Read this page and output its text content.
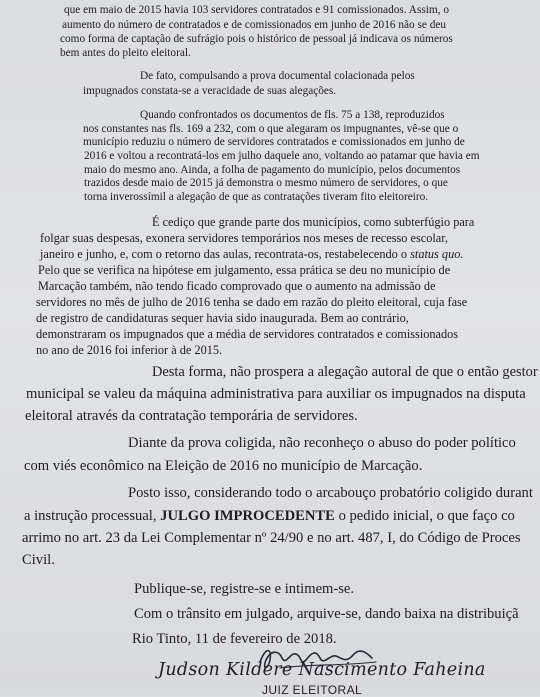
que em maio de 2015 havia 103 servidores contratados e 91 comissionados. Assim, o
aumento do número de contratados e de comissionados em junho de 2016 não se deu
como forma de captação de sufrágio pois o histórico de pessoal já indicava os números
bem antes do pleito eleitoral.
De fato, compulsando a prova documental colacionada pelos
impugnados constata-se a veracidade de suas alegações.
Quando confrontados os documentos de fls. 75 a 138, reproduzidos
nos constantes nas fls. 169 a 232, com o que alegaram os impugnantes, vê-se que o
município reduziu o número de servidores contratados e comissionados em junho de
2016 e voltou a recontratá-los em julho daquele ano, voltando ao patamar que havia em
maio do mesmo ano. Ainda, a folha de pagamento do município, pelos documentos
trazidos desde maio de 2015 já demonstra o mesmo número de servidores, o que
torna inverossímil a alegação de que as contratações tiveram fito eleitoreiro.
É cediço que grande parte dos municípios, como subterfúgio para
folgar suas despesas, exonera servidores temporários nos meses de recesso escolar,
janeiro e junho, e, com o retorno das aulas, recontrata-os, restabelecendo o status quo.
Pelo que se verifica na hipótese em julgamento, essa prática se deu no município de
Marcação também, não tendo ficado comprovado que o aumento na admissão de
servidores no mês de julho de 2016 tenha se dado em razão do pleito eleitoral, cuja fase
de registro de candidaturas sequer havia sido inaugurada. Bem ao contrário,
demonstraram os impugnados que a média de servidores contratados e comissionados
no ano de 2016 foi inferior à de 2015.
Desta forma, não prospera a alegação autoral de que o então gestor
municipal se valeu da máquina administrativa para auxiliar os impugnados na disputa
eleitoral através da contratação temporária de servidores.
Diante da prova coligida, não reconheço o abuso do poder político
com viés econômico na Eleição de 2016 no município de Marcação.
Posto isso, considerando todo o arcabouço probatório coligido durant
a instrução processual, JULGO IMPROCEDENTE o pedido inicial, o que faço co
arrimo no art. 23 da Lei Complementar nº 24/90 e no art. 487, I, do Código de Proces
Civil.
Publique-se, registre-se e intimem-se.
Com o trânsito em julgado, arquive-se, dando baixa na distribuiçã
Rio Tinto, 11 de fevereiro de 2018.
Judson Kildere Nascimento Faheina
JUIZ ELEITORAL
